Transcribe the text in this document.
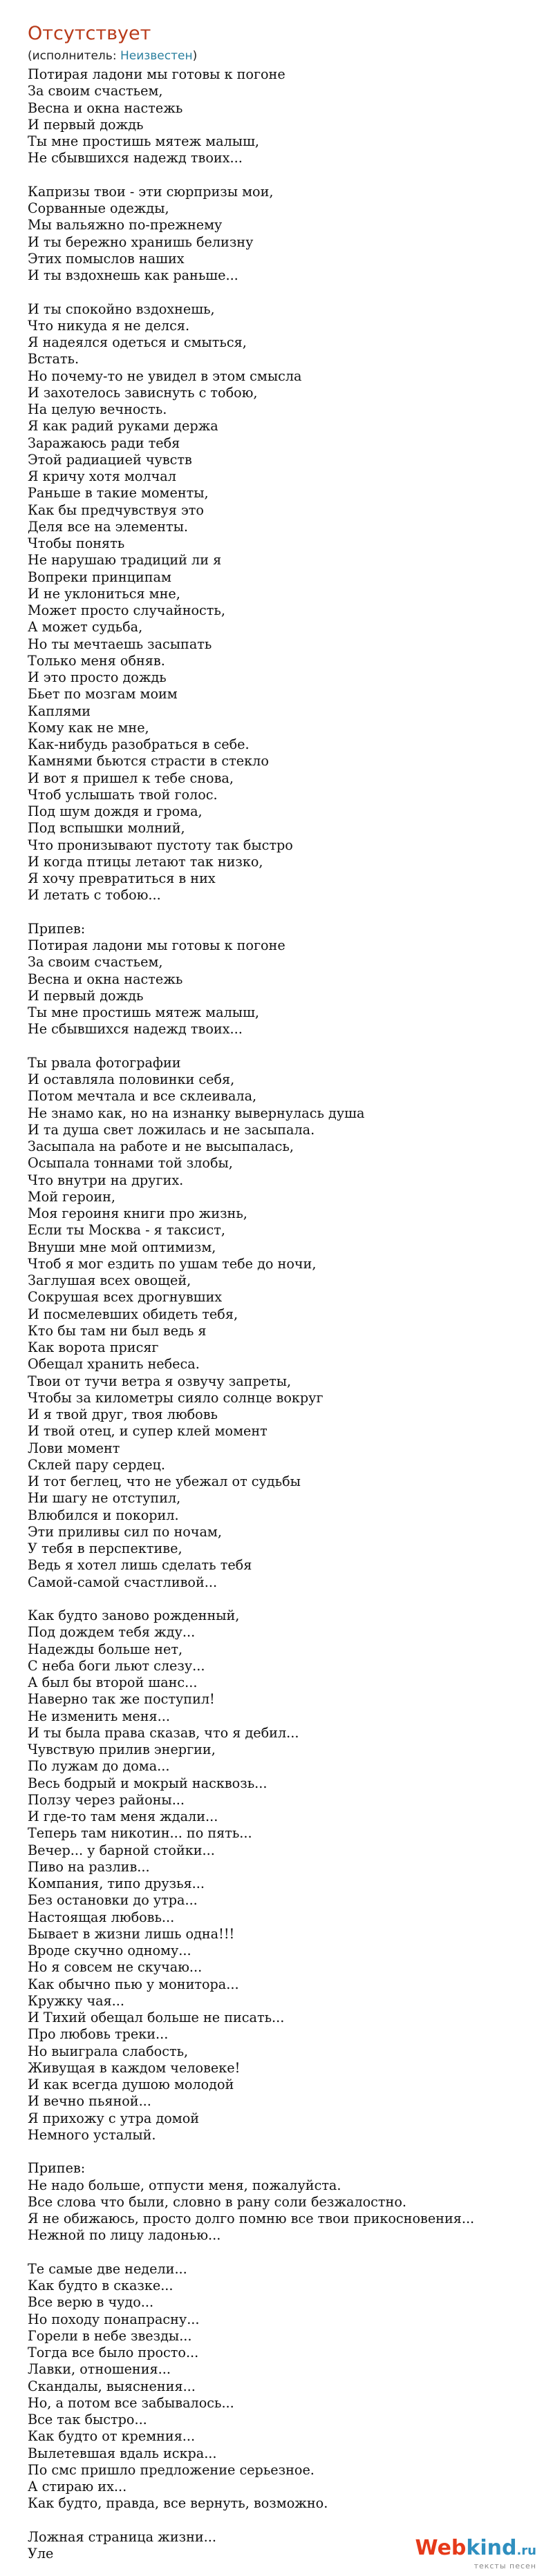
Отсутствует
(исполнитель: Неизвестен)
Потирая ладони мы готовы к погоне
За своим счастьем,
Весна и окна настежь
И первый дождь
Ты мне простишь мятеж малыш,
Не сбывшихся надежд твоих...
Капризы твои - эти сюрпризы мои,
Сорванные одежды,
Мы вальяжно по-прежнему
И ты бережно хранишь белизну
Этих помыслов наших
И ты вздохнешь как раньше...
И ты спокойно вздохнешь,
Что никуда я не делся.
Я надеялся одеться и смыться,
Встать.
Но почему-то не увидел в этом смысла
И захотелось зависнуть с тобою,
На целую вечность.
Я как радий руками держа
Заражаюсь ради тебя
Этой радиацией чувств
Я кричу хотя молчал
Раньше в такие моменты,
Как бы предчувствуя это
Деля все на элементы.
Чтобы понять
Не нарушаю традиций ли я
Вопреки принципам
И не уклониться мне,
Может просто случайность,
А может судьба,
Но ты мечтаешь засыпать
Только меня обняв.
И это просто дождь
Бьет по мозгам моим
Каплями
Кому как не мне,
Как-нибудь разобраться в себе.
Камнями бьются страсти в стекло
И вот я пришел к тебе снова,
Чтоб услышать твой голос.
Под шум дождя и грома,
Под вспышки молний,
Что пронизывают пустоту так быстро
И когда птицы летают так низко,
Я хочу превратиться в них
И летать с тобою...
Припев:
Потирая ладони мы готовы к погоне
За своим счастьем,
Весна и окна настежь
И первый дождь
Ты мне простишь мятеж малыш,
Не сбывшихся надежд твоих...
Ты рвала фотографии
И оставляла половинки себя,
Потом мечтала и все склеивала,
Не знамо как, но на изнанку вывернулась душа
И та душа свет ложилась и не засыпала.
Засыпала на работе и не высыпалась,
Осыпала тоннами той злобы,
Что внутри на других.
Мой героин,
Моя героиня книги про жизнь,
Если ты Москва - я таксист,
Внуши мне мой оптимизм,
Чтоб я мог ездить по ушам тебе до ночи,
Заглушая всех овощей,
Сокрушая всех дрогнувших
И посмелевших обидеть тебя,
Кто бы там ни был ведь я
Как ворота присяг
Обещал хранить небеса.
Твои от тучи ветра я озвучу запреты,
Чтобы за километры сияло солнце вокруг
И я твой друг, твоя любовь
И твой отец, и супер клей момент
Лови момент
Склей пару сердец.
И тот беглец, что не убежал от судьбы
Ни шагу не отступил,
Влюбился и покорил.
Эти приливы сил по ночам,
У тебя в перспективе,
Ведь я хотел лишь сделать тебя
Самой-самой счастливой...
Как будто заново рожденный,
Под дождем тебя жду...
Надежды больше нет,
С неба боги льют слезу...
А был бы второй шанс...
Наверно так же поступил!
Не изменить меня...
И ты была права сказав, что я дебил...
Чувствую прилив энергии,
По лужам до дома...
Весь бодрый и мокрый насквозь...
Ползу через районы...
И где-то там меня ждали...
Теперь там никотин... по пять...
Вечер... у барной стойки...
Пиво на разлив...
Компания, типо друзья...
Без остановки до утра...
Настоящая любовь...
Бывает в жизни лишь одна!!!
Вроде скучно одному...
Но я совсем не скучаю...
Как обычно пью у монитора...
Кружку чая...
И Тихий обещал больше не писать...
Про любовь треки...
Но выиграла слабость,
Живущая в каждом человеке!
И как всегда душою молодой
И вечно пьяной...
Я прихожу с утра домой
Немного усталый.
Припев:
Не надо больше, отпусти меня, пожалуйста.
Все слова что были, словно в рану соли безжалостно.
Я не обижаюсь, просто долго помню все твои прикосновения...
Нежной по лицу ладонью...
Те самые две недели...
Как будто в сказке...
Все верю в чудо...
Но походу понапрасну...
Горели в небе звезды...
Тогда все было просто...
Лавки, отношения...
Скандалы, выяснения...
Но, а потом все забывалось...
Все так быстро...
Как будто от кремния...
Вылетевшая вдаль искра...
По смс пришло предложение серьезное.
А стираю их...
Как будто, правда, все вернуть, возможно.
Ложная страница жизни...
Уле	Webkind.ru
тексты песен
